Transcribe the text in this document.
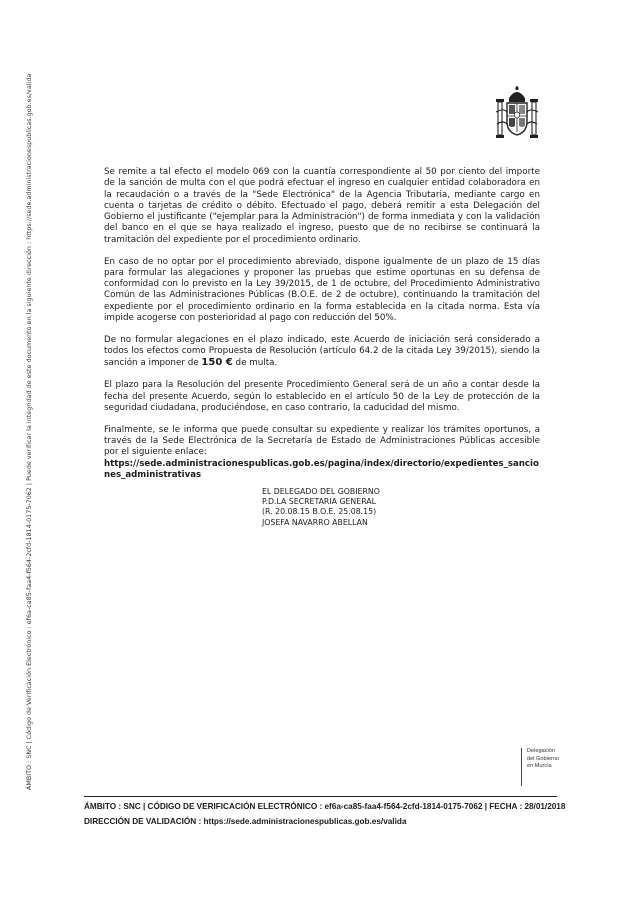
ÁMBITO : SNC | Código de Verificación Electrónico : ef6a-ca85-faa4-f564-2cfd-1814-0175-7062 | Puede verificar la integridad de este documento en la siguiente dirección : https://sede.administracionespublicas.gob.es/valida	Se remite a tal efecto el modelo 069 con la cuantía correspondiente al 50 por ciento del importe de la sanción de multa con el que podrá efectuar el ingreso en cualquier entidad colaboradora en la recaudación o a través de la "Sede Electrónica" de la Agencia Tributaria, mediante cargo en cuenta o tarjetas de crédito o débito. Efectuado el pago, deberá remitir a esta Delegación del Gobierno el justificante ("ejemplar para la Administración") de forma inmediata y con la validación del banco en el que se haya realizado el ingreso, puesto que de no recibirse se continuará la tramitación del expediente por el procedimiento ordinario.

En caso de no optar por el procedimiento abreviado, dispone igualmente de un plazo de 15 días para formular las alegaciones y proponer las pruebas que estime oportunas en su defensa de conformidad con lo previsto en la Ley 39/2015, de 1 de octubre, del Procedimiento Administrativo Común de las Administraciones Públicas (B.O.E. de 2 de octubre), continuando la tramitación del expediente por el procedimiento ordinario en la forma establecida en la citada norma. Esta vía impide acogerse con posterioridad al pago con reducción del 50%.

De no formular alegaciones en el plazo indicado, este Acuerdo de iniciación será considerado a todos los efectos como Propuesta de Resolución (artículo 64.2 de la citada Ley 39/2015), siendo la sanción a imponer de 150 € de multa.

El plazo para la Resolución del presente Procedimiento General será de un año a contar desde la fecha del presente Acuerdo, según lo establecido en el artículo 50 de la Ley de protección de la seguridad ciudadana, produciéndose, en caso contrario, la caducidad del mismo.

Finalmente, se le informa que puede consultar su expediente y realizar los trámites oportunos, a través de la Sede Electrónica de la Secretaría de Estado de Administraciones Públicas accesible por el siguiente enlace:
https://sede.administracionespublicas.gob.es/pagina/index/directorio/expedientes_sanciones_administrativas

EL DELEGADO DEL GOBIERNO
P.D.LA SECRETARIA GENERAL
(R. 20.08.15 B.O.E. 25.08.15)
JOSEFA NAVARRO ABELLAN
Delegación
del Gobierno
en Murcia
ÁMBITO : SNC | CÓDIGO DE VERIFICACIÓN ELECTRÓNICO : ef6a-ca85-faa4-f564-2cfd-1814-0175-7062 | FECHA : 28/01/2018
DIRECCIÓN DE VALIDACIÓN : https://sede.administracionespublicas.gob.es/valida
